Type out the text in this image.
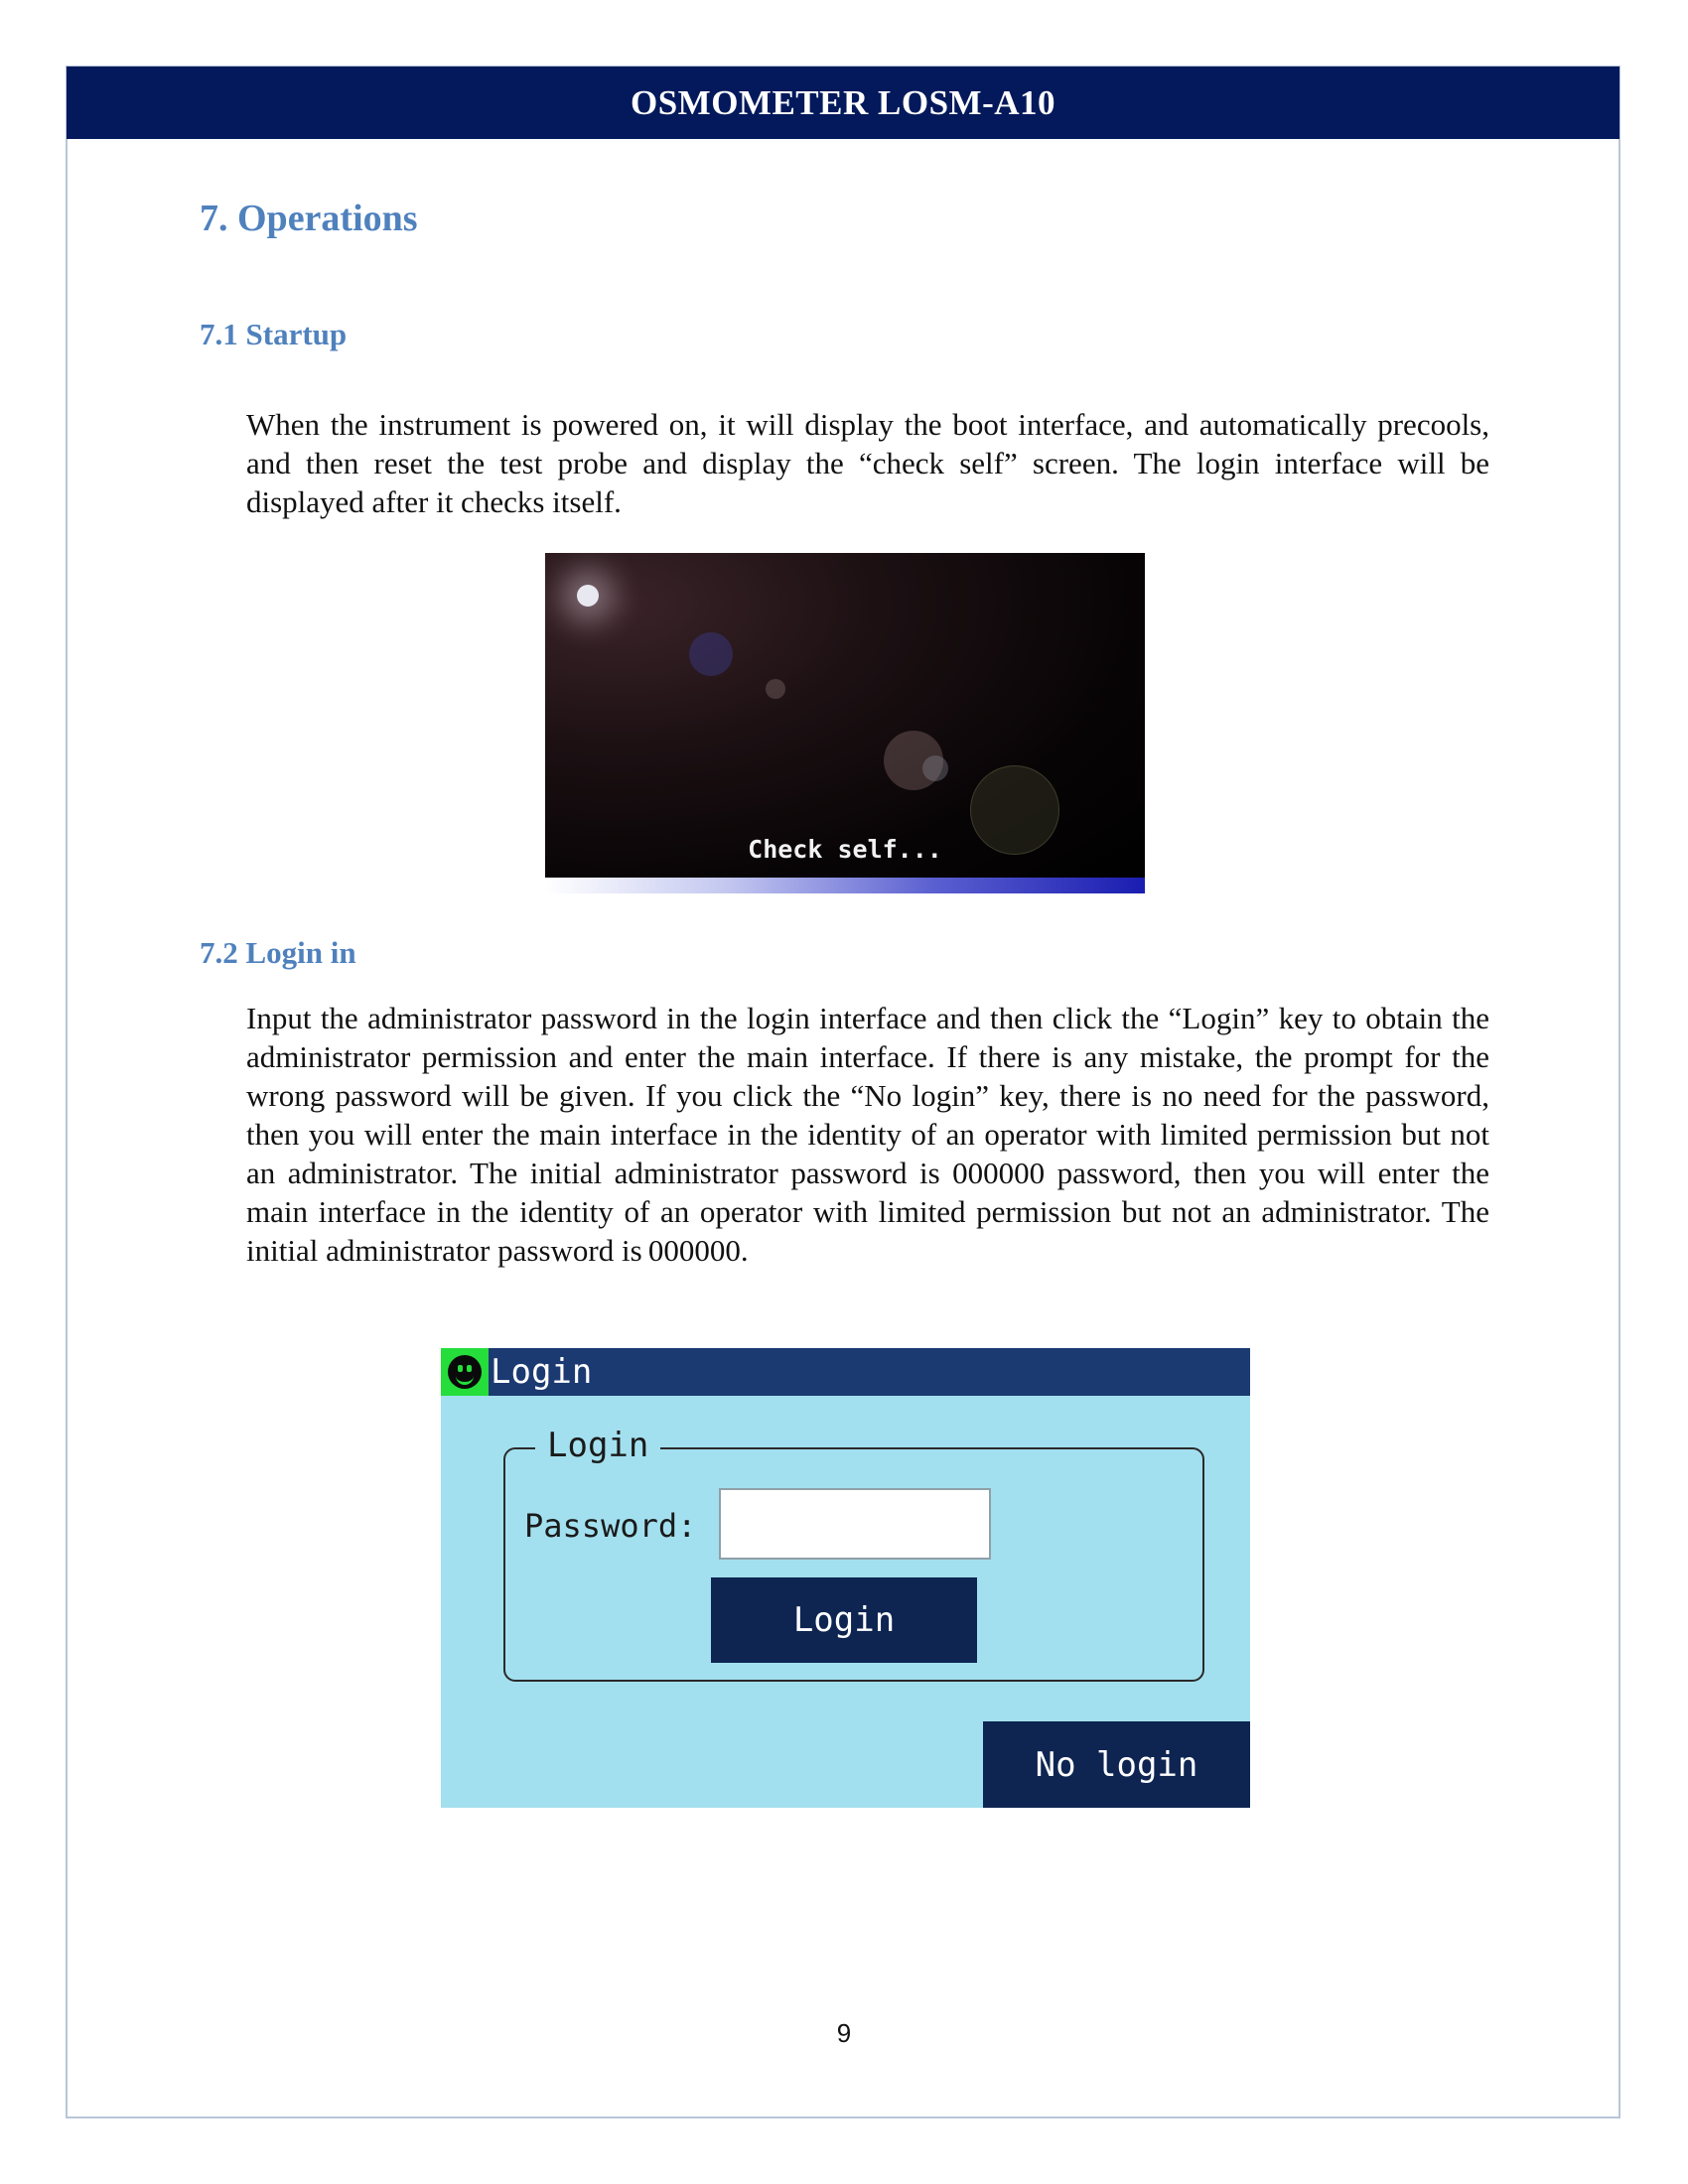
OSMOMETER LOSM-A10
7. Operations
7.1 Startup

When the instrument is powered on, it will display the boot interface, and automatically precools, and then reset the test probe and display the “check self” screen. The login interface will be displayed after it checks itself.

Check self...
7.2 Login in

Input the administrator password in the login interface and then click the “Login” key to obtain the administrator permission and enter the main interface. If there is any mistake, the prompt for the wrong password will be given. If you click the “No login” key, there is no need for the password, then you will enter the main interface in the identity of an operator with limited permission but not an administrator. The initial administrator password is 000000 password, then you will enter the main interface in the identity of an operator with limited permission but not an administrator. The initial administrator password is 000000.

Login
Login
Password:
Login
No login
9
